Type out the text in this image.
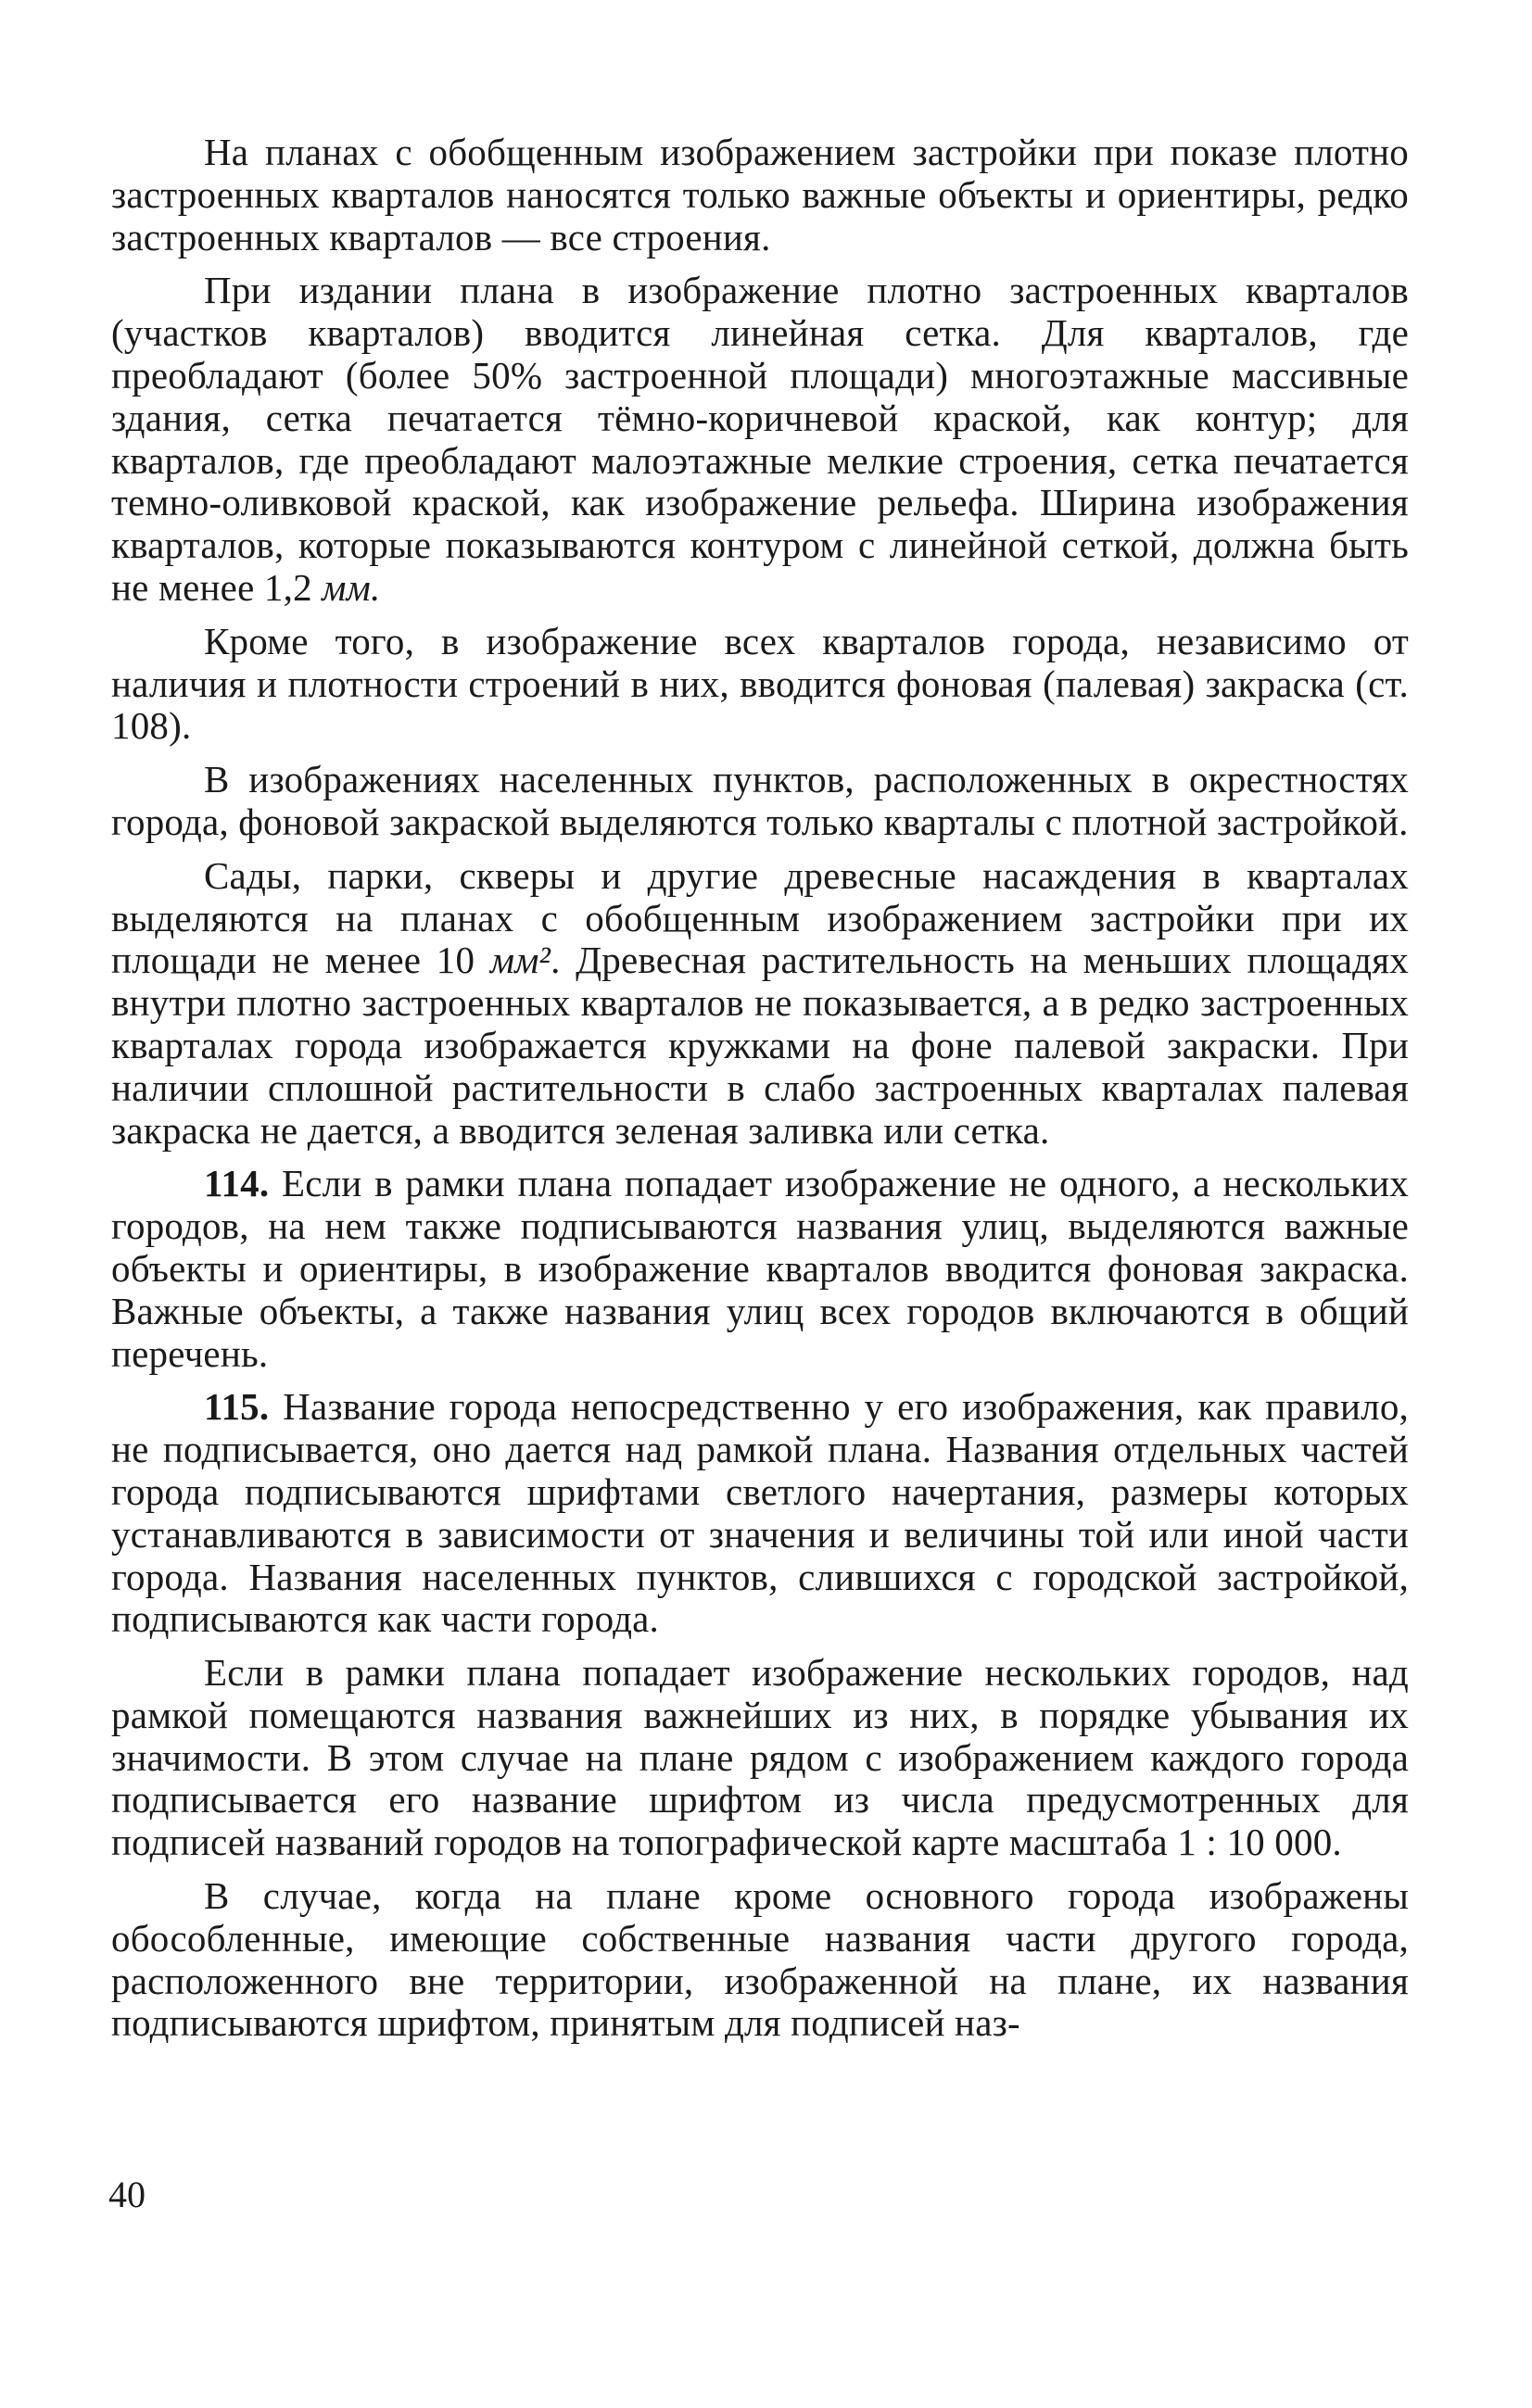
На планах с обобщенным изображением застройки при показе плотно застроенных кварталов наносятся только важные объекты и ориентиры, редко застроенных кварталов — все строения.

При издании плана в изображение плотно застроенных кварталов (участков кварталов) вводится линейная сетка. Для кварталов, где преобладают (более 50% застроенной площади) многоэтажные массивные здания, сетка печатается тёмно-коричневой краской, как контур; для кварталов, где преобладают малоэтажные мелкие строения, сетка печатается темно-оливковой краской, как изображение рельефа. Ширина изображения кварталов, которые показываются контуром с линейной сеткой, должна быть не менее 1,2 мм.

Кроме того, в изображение всех кварталов города, независимо от наличия и плотности строений в них, вводится фоновая (палевая) закраска (ст. 108).

В изображениях населенных пунктов, расположенных в окрестностях города, фоновой закраской выделяются только кварталы с плотной застройкой.

Сады, парки, скверы и другие древесные насаждения в кварталах выделяются на планах с обобщенным изображением застройки при их площади не менее 10 мм². Древесная растительность на меньших площадях внутри плотно застроенных кварталов не показывается, а в редко застроенных кварталах города изображается кружками на фоне палевой закраски. При наличии сплошной растительности в слабо застроенных кварталах палевая закраска не дается, а вводится зеленая заливка или сетка.

114. Если в рамки плана попадает изображение не одного, а нескольких городов, на нем также подписываются названия улиц, выделяются важные объекты и ориентиры, в изображение кварталов вводится фоновая закраска. Важные объекты, а также названия улиц всех городов включаются в общий перечень.

115. Название города непосредственно у его изображения, как правило, не подписывается, оно дается над рамкой плана. Названия отдельных частей города подписываются шрифтами светлого начертания, размеры которых устанавливаются в зависимости от значения и величины той или иной части города. Названия населенных пунктов, слившихся с городской застройкой, подписываются как части города.

Если в рамки плана попадает изображение нескольких городов, над рамкой помещаются названия важнейших из них, в порядке убывания их значимости. В этом случае на плане рядом с изображением каждого города подписывается его название шрифтом из числа предусмотренных для подписей названий городов на топографической карте масштаба 1 : 10 000.

В случае, когда на плане кроме основного города изображены обособленные, имеющие собственные названия части другого города, расположенного вне территории, изображенной на плане, их названия подписываются шрифтом, принятым для подписей наз-

40
